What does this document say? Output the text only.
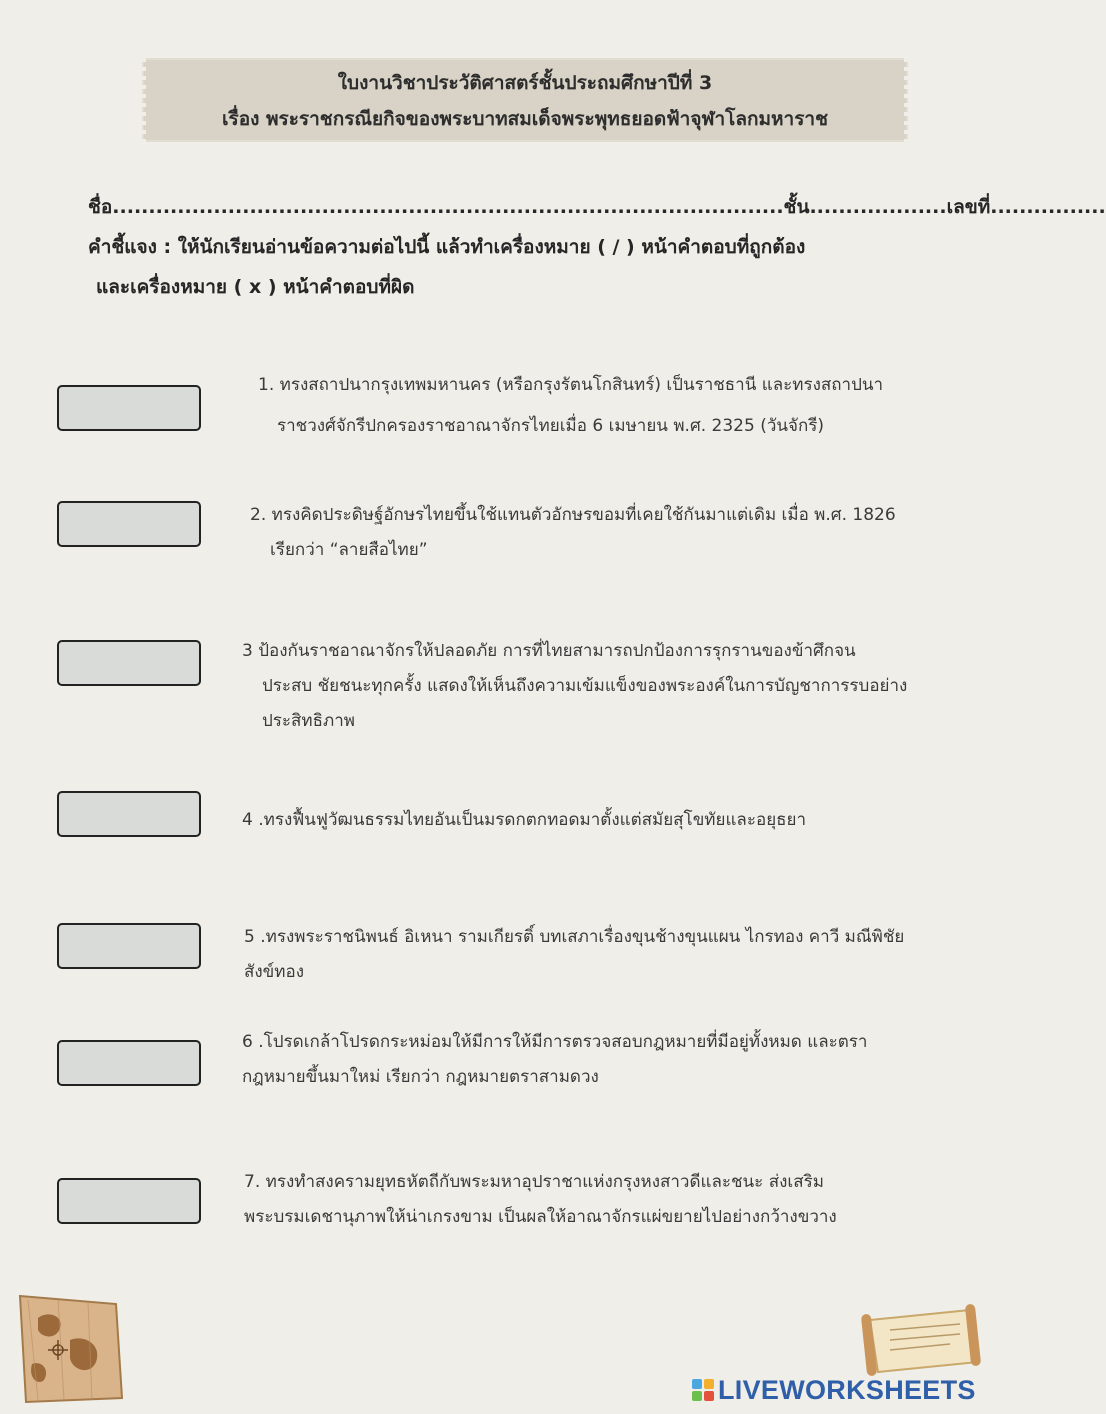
ใบงานวิชาประวัติศาสตร์ชั้นประถมศึกษาปีที่ 3
เรื่อง พระราชกรณียกิจของพระบาทสมเด็จพระพุทธยอดฟ้าจุฬาโลกมหาราช
ชื่อ.............................................................................................ชั้น...................เลขที่................
คำชี้แจง : ให้นักเรียนอ่านข้อความต่อไปนี้ แล้วทำเครื่องหมาย ( / ) หน้าคำตอบที่ถูกต้อง
และเครื่องหมาย ( x ) หน้าคำตอบที่ผิด
1. ทรงสถาปนากรุงเทพมหานคร (หรือกรุงรัตนโกสินทร์) เป็นราชธานี และทรงสถาปนา
ราชวงศ์จักรีปกครองราชอาณาจักรไทยเมื่อ 6 เมษายน พ.ศ. 2325 (วันจักรี)
2. ทรงคิดประดิษฐ์อักษรไทยขึ้นใช้แทนตัวอักษรขอมที่เคยใช้กันมาแต่เดิม เมื่อ พ.ศ. 1826
เรียกว่า “ลายสือไทย”
3 ป้องกันราชอาณาจักรให้ปลอดภัย การที่ไทยสามารถปกป้องการรุกรานของข้าศึกจน
ประสบ ชัยชนะทุกครั้ง แสดงให้เห็นถึงความเข้มแข็งของพระองค์ในการบัญชาการรบอย่าง
ประสิทธิภาพ
4 .ทรงฟื้นฟูวัฒนธรรมไทยอันเป็นมรดกตกทอดมาตั้งแต่สมัยสุโขทัยและอยุธยา
5 .ทรงพระราชนิพนธ์ อิเหนา รามเกียรติ์ บทเสภาเรื่องขุนช้างขุนแผน ไกรทอง คาวี มณีพิชัย
สังข์ทอง
6 .โปรดเกล้าโปรดกระหม่อมให้มีการให้มีการตรวจสอบกฎหมายที่มีอยู่ทั้งหมด และตรา
กฎหมายขึ้นมาใหม่ เรียกว่า กฎหมายตราสามดวง
7. ทรงทำสงครามยุทธหัตถีกับพระมหาอุปราชาแห่งกรุงหงสาวดีและชนะ ส่งเสริม
พระบรมเดชานุภาพให้น่าเกรงขาม เป็นผลให้อาณาจักรแผ่ขยายไปอย่างกว้างขวาง
LIVEWORKSHEETS
